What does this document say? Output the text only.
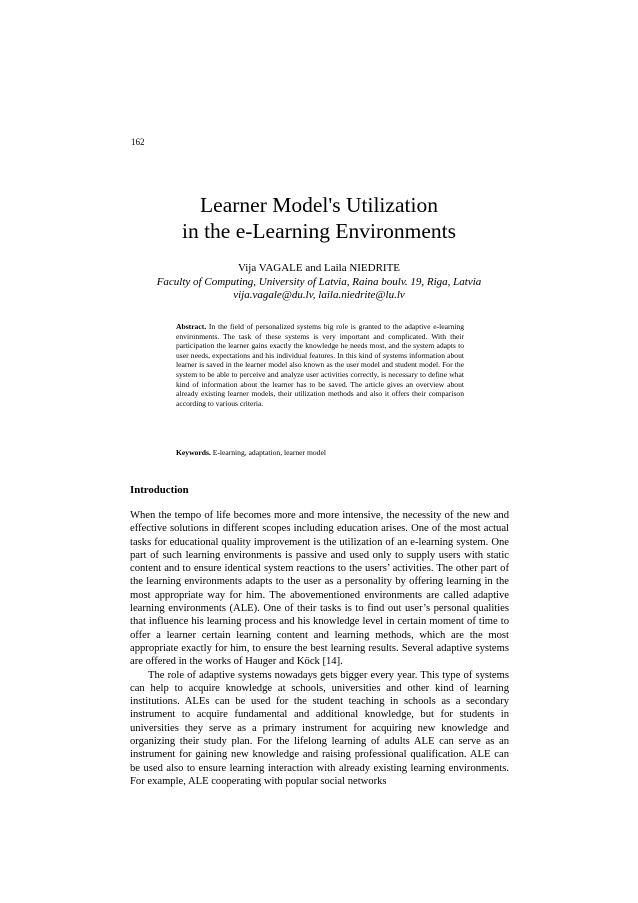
162
Learner Model's Utilization
in the e-Learning Environments
Vija VAGALE and Laila NIEDRITE
Faculty of Computing, University of Latvia, Raina boulv. 19, Riga, Latvia
vija.vagale@du.lv, laila.niedrite@lu.lv
Abstract. In the field of personalized systems big role is granted to the adaptive e-learning environments. The task of these systems is very important and complicated. With their participation the learner gains exactly the knowledge he needs most, and the system adapts to user needs, expectations and his individual features. In this kind of systems information about learner is saved in the learner model also known as the user model and student model. For the system to be able to perceive and analyze user activities correctly, is necessary to define what kind of information about the learner has to be saved. The article gives an overview about already existing learner models, their utilization methods and also it offers their comparison according to various criteria.
Keywords. E-learning, adaptation, learner model
Introduction

When the tempo of life becomes more and more intensive, the necessity of the new and effective solutions in different scopes including education arises. One of the most actual tasks for educational quality improvement is the utilization of an e-learning system. One part of such learning environments is passive and used only to supply users with static content and to ensure identical system reactions to the users’ activities. The other part of the learning environments adapts to the user as a personality by offering learning in the most appropriate way for him. The abovementioned environments are called adaptive learning environments (ALE). One of their tasks is to find out user’s personal qualities that influence his learning process and his knowledge level in certain moment of time to offer a learner certain learning content and learning methods, which are the most appropriate exactly for him, to ensure the best learning results. Several adaptive systems are offered in the works of Hauger and Köck [14].

The role of adaptive systems nowadays gets bigger every year. This type of systems can help to acquire knowledge at schools, universities and other kind of learning institutions. ALEs can be used for the student teaching in schools as a secondary instrument to acquire fundamental and additional knowledge, but for students in universities they serve as a primary instrument for acquiring new knowledge and organizing their study plan. For the lifelong learning of adults ALE can serve as an instrument for gaining new knowledge and raising professional qualification. ALE can be used also to ensure learning interaction with already existing learning environments. For example, ALE cooperating with popular social networks
